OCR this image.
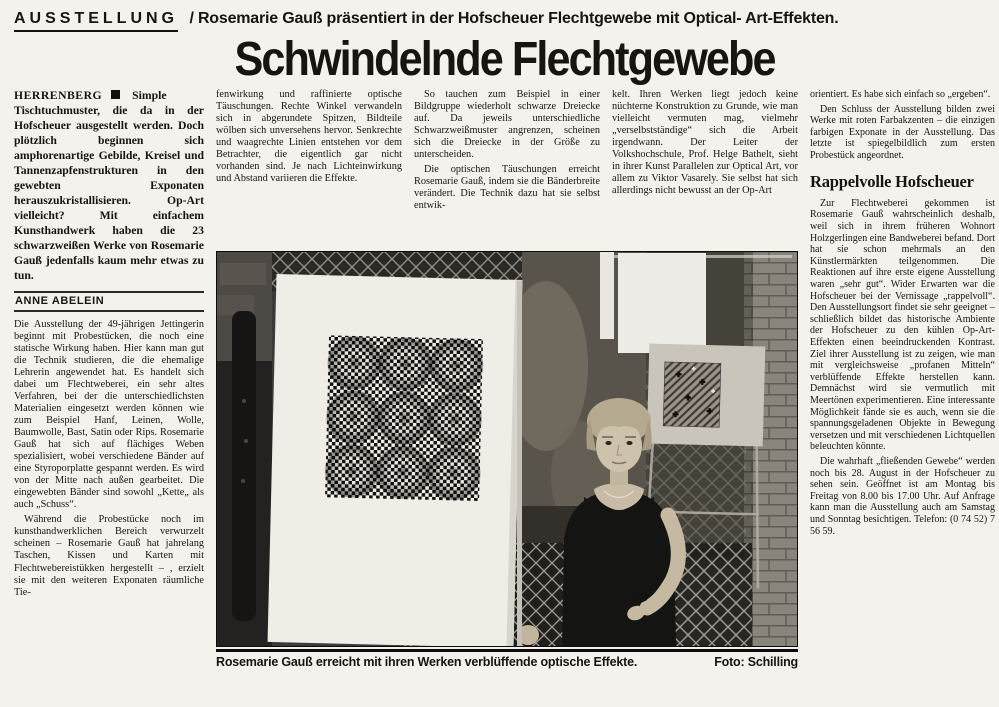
AUSSTELLUNG / Rosemarie Gauß präsentiert in der Hofscheuer Flechtgewebe mit Optical- Art-Effekten.
Schwindelnde Flechtgewebe

HERRENBERG	Simple Tischtuchmuster, die da in der Hofscheuer ausgestellt werden. Doch plötzlich beginnen sich amphorenartige Gebilde, Kreisel und Tannenzapfenstrukturen in den gewebten Exponaten herauszukristallisieren. Op-Art vielleicht? Mit einfachem Kunsthandwerk haben die 23 schwarzweißen Werke von Rosemarie Gauß jedenfalls kaum mehr etwas zu tun.

ANNE ABELEIN

Die Ausstellung der 49-jährigen Jettingerin beginnt mit Probestücken, die noch eine statische Wirkung haben. Hier kann man gut die Technik studieren, die die ehemalige Lehrerin angewendet hat. Es handelt sich dabei um Flechtweberei, ein sehr altes Verfahren, bei der die unterschiedlichsten Materialien eingesetzt werden können wie zum Beispiel Hanf, Leinen, Wolle, Baumwolle, Bast, Satin oder Rips. Rosemarie Gauß hat sich auf flächiges Weben spezialisiert, wobei verschiedene Bänder auf eine Styroporplatte gespannt werden. Es wird von der Mitte nach außen gearbeitet. Die eingewebten Bänder sind sowohl „Kette„ als auch „Schuss“.

Während die Probestücke noch im kunsthandwerklichen Bereich verwurzelt scheinen – Rosemarie Gauß hat jahrelang Taschen, Kissen und Karten mit Flechtwebereistükken hergestellt – , erzielt sie mit den weiteren Exponaten räumliche Tie-

fenwirkung und raffinierte optische Täuschungen. Rechte Winkel verwandeln sich in abgerundete Spitzen, Bildteile wölben sich unversehens hervor. Senkrechte und waagrechte Linien entstehen vor dem Betrachter, die eigentlich gar nicht vorhanden sind. Je nach Lichteinwirkung und Abstand variieren die Effekte.

So tauchen zum Beispiel in einer Bildgruppe wiederholt schwarze Dreiecke auf. Da jeweils unterschiedliche Schwarzweißmuster angrenzen, scheinen sich die Dreiecke in der Größe zu unterscheiden.

Die optischen Täuschungen erreicht Rosemarie Gauß, indem sie die Bänderbreite verändert. Die Technik dazu hat sie selbst entwik-

kelt. Ihren Werken liegt jedoch keine nüchterne Konstruktion zu Grunde, wie man vielleicht vermuten mag, vielmehr „verselbstständige“ sich die Arbeit irgendwann. Der Leiter der Volkshochschule, Prof. Helge Bathelt, sieht in ihrer Kunst Parallelen zur Optical Art, vor allem zu Viktor Vasarely. Sie selbst hat sich allerdings nicht bewusst an der Op-Art

Rosemarie Gauß erreicht mit ihren Werken verblüffende optische Effekte.	Foto: Schilling

orientiert. Es habe sich einfach so „ergeben“.

Den Schluss der Ausstellung bilden zwei Werke mit roten Farbakzenten – die einzigen farbigen Exponate in der Ausstellung. Das letzte ist spiegelbildlich zum ersten Probestück angeordnet.

Rappelvolle Hofscheuer

Zur Flechtweberei gekommen ist Rosemarie Gauß wahrscheinlich deshalb, weil sich in ihrem früheren Wohnort Holzgerlingen eine Bandweberei befand. Dort hat sie schon mehrmals an den Künstlermärkten teilgenommen. Die Reaktionen auf ihre erste eigene Ausstellung waren „sehr gut“. Wider Erwarten war die Hofscheuer bei der Vernissage „rappelvoll“. Den Ausstellungsort findet sie sehr geeignet – schließlich bildet das historische Ambiente der Hofscheuer zu den kühlen Op-Art-Effekten einen beeindruckenden Kontrast. Ziel ihrer Ausstellung ist zu zeigen, wie man mit vergleichsweise „profanen Mitteln“ verblüffende Effekte herstellen kann. Demnächst wird sie vermutlich mit Meertönen experimentieren. Eine interessante Möglichkeit fände sie es auch, wenn sie die spannungsgeladenen Objekte in Bewegung versetzen und mit verschiedenen Lichtquellen beleuchten könnte.

Die wahrhaft „fließenden Gewebe“ werden noch bis 28. August in der Hofscheuer zu sehen sein. Geöffnet ist am Montag bis Freitag von 8.00 bis 17.00 Uhr. Auf Anfrage kann man die Ausstellung auch am Samstag und Sonntag besichtigen. Telefon: (0 74 52) 7 56 59.
